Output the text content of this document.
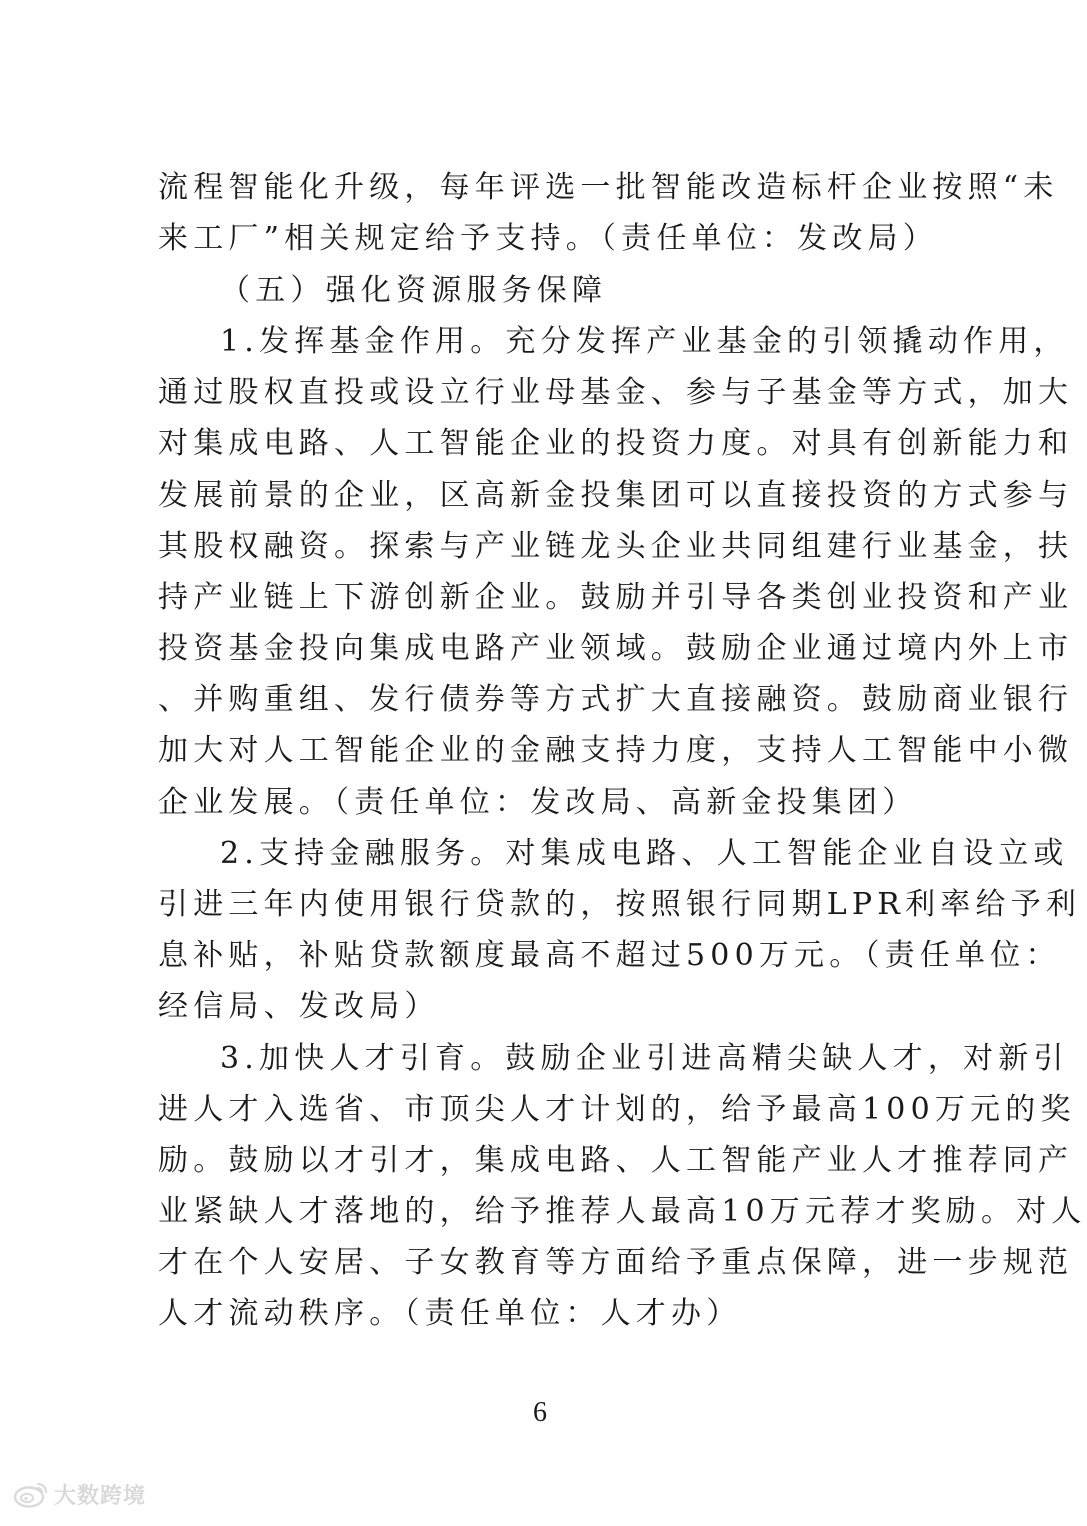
流程智能化升级，每年评选一批智能改造标杆企业按照“未
来工厂”相关规定给予支持。（责任单位：发改局）
（五）强化资源服务保障
1.发挥基金作用。充分发挥产业基金的引领撬动作用，
通过股权直投或设立行业母基金、参与子基金等方式，加大
对集成电路、人工智能企业的投资力度。对具有创新能力和
发展前景的企业，区高新金投集团可以直接投资的方式参与
其股权融资。探索与产业链龙头企业共同组建行业基金，扶
持产业链上下游创新企业。鼓励并引导各类创业投资和产业
投资基金投向集成电路产业领域。鼓励企业通过境内外上市
、并购重组、发行债券等方式扩大直接融资。鼓励商业银行
加大对人工智能企业的金融支持力度，支持人工智能中小微
企业发展。（责任单位：发改局、高新金投集团）
2.支持金融服务。对集成电路、人工智能企业自设立或
引进三年内使用银行贷款的，按照银行同期LPR利率给予利
息补贴，补贴贷款额度最高不超过500万元。（责任单位：
经信局、发改局）
3.加快人才引育。鼓励企业引进高精尖缺人才，对新引
进人才入选省、市顶尖人才计划的，给予最高100万元的奖
励。鼓励以才引才，集成电路、人工智能产业人才推荐同产
业紧缺人才落地的，给予推荐人最高10万元荐才奖励。对人
才在个人安居、子女教育等方面给予重点保障，进一步规范
人才流动秩序。（责任单位：人才办）
6
大数跨境
